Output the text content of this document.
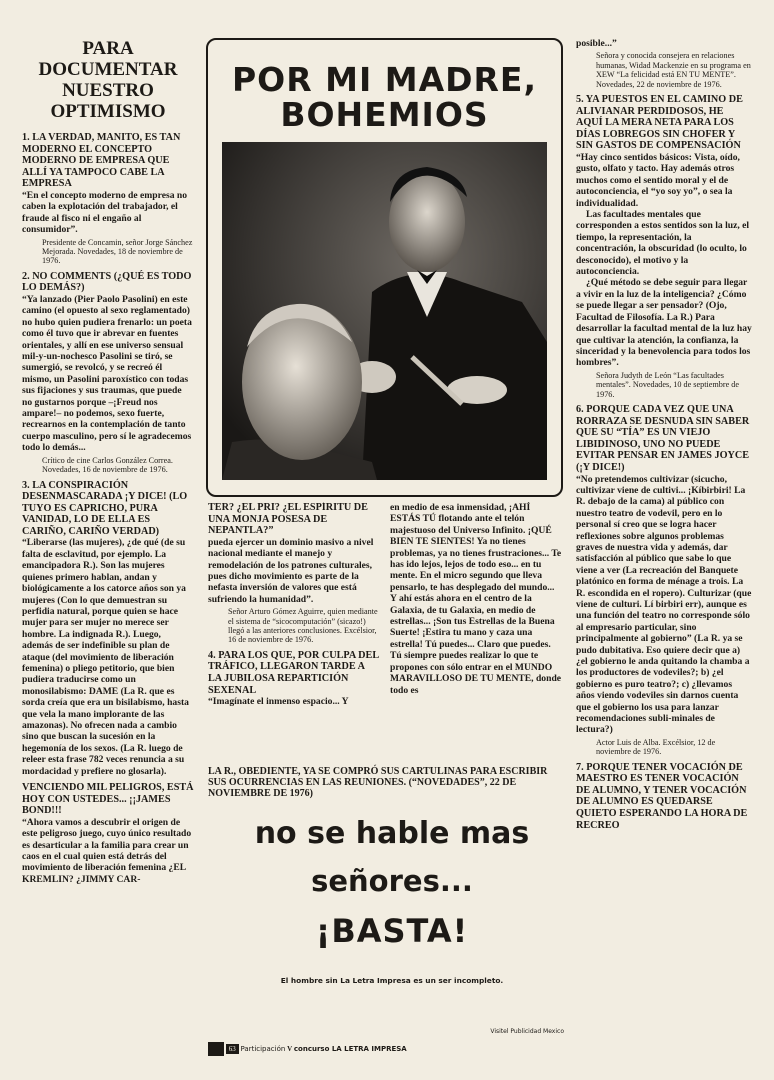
PARA DOCUMENTAR NUESTRO OPTIMISMO

1. LA VERDAD, MANITO, ES TAN MODERNO EL CONCEPTO MODERNO DE EMPRESA QUE ALLÍ YA TAMPOCO CABE LA EMPRESA

“En el concepto moderno de empresa no caben la explotación del trabajador, el fraude al fisco ni el engaño al consumidor”.

Presidente de Concamin, señor Jorge Sánchez Mejorada. Novedades, 18 de noviembre de 1976.

2. NO COMMENTS (¿QUÉ ES TODO LO DEMÁS?)

“Ya lanzado (Pier Paolo Pasolini) en este camino (el opuesto al sexo reglamentado) no hubo quien pudiera frenarlo: un poeta como él tuvo que ir abrevar en fuentes orientales, y allí en ese universo sensual mil-y-un-nochesco Pasolini se tiró, se sumergió, se revolcó, y se recreó él mismo, un Pasolini paroxístico con todas sus fijaciones y sus traumas, que puede no gustarnos porque –¡Freud nos ampare!– no podemos, sexo fuerte, recrearnos en la contemplación de tanto cuerpo masculino, pero sí le agradecemos todo lo demás...

Crítico de cine Carlos González Correa. Novedades, 16 de noviembre de 1976.

3. LA CONSPIRACIÓN DESENMASCARADA ¡Y DICE! (LO TUYO ES CAPRICHO, PURA VANIDAD, LO DE ELLA ES CARIÑO, CARIÑO VERDAD)

“Liberarse (las mujeres), ¿de qué (de su falta de esclavitud, por ejemplo. La emancipadora R.). Son las mujeres quienes primero hablan, andan y biológicamente a los catorce años son ya mujeres (Con lo que demuestran su perfidia natural, porque quien se hace mujer para ser mujer no merece ser hombre. La indignada R.). Luego, además de ser indefinible su plan de ataque (del movimiento de liberación femenina) o pliego petitorio, que bien pudiera traducirse como un monosilabismo: DAME (La R. que es sorda creía que era un bisilabismo, hasta que vela la mano implorante de las amazonas). No ofrecen nada a cambio sino que buscan la sucesión en la hegemonía de los sexos. (La R. luego de releer esta frase 782 veces renuncia a su mordacidad y prefiere no glosarla).

VENCIENDO MIL PELIGROS, ESTÁ HOY CON USTEDES... ¡¡JAMES BOND!!!

“Ahora vamos a descubrir el origen de este peligroso juego, cuyo único resultado es desarticular a la familia para crear un caos en el cual quien está detrás del movimiento de liberación femenina ¿EL KREMLIN? ¿JIMMY CAR-

POR MI MADRE,
BOHEMIOS

TER? ¿EL PRI? ¿EL ESPÍRITU DE UNA MONJA POSESA DE NEPANTLA?”

pueda ejercer un dominio masivo a nivel nacional mediante el manejo y remodelación de los patrones culturales, pues dicho movimiento es parte de la nefasta inversión de valores que está sufriendo la humanidad”.

Señor Arturo Gómez Aguirre, quien mediante el sistema de “sicocomputación” (sicazo!) llegó a las anteriores conclusiones. Excélsior, 16 de noviembre de 1976.

4. PARA LOS QUE, POR CULPA DEL TRÁFICO, LLEGARON TARDE A LA JUBILOSA REPARTICIÓN SEXENAL

“Imagínate el inmenso espacio... Y

en medio de esa inmensidad, ¡AHÍ ESTÁS TÚ flotando ante el telón majestuoso del Universo Infinito. ¡QUÉ BIEN TE SIENTES! Ya no tienes problemas, ya no tienes frustraciones... Te has ido lejos, lejos de todo eso... en tu mente. En el micro segundo que lleva pensarlo, te has desplegado del mundo... Y ahí estás ahora en el centro de la Galaxia, de tu Galaxia, en medio de estrellas... ¡Son tus Estrellas de la Buena Suerte! ¡Estira tu mano y caza una estrella! Tú puedes... Claro que puedes. Tú siempre puedes realizar lo que te propones con sólo entrar en el MUNDO MARAVILLOSO DE TU MENTE, donde todo es

LA R., OBEDIENTE, YA SE COMPRÓ SUS CARTULINAS PARA ESCRIBIR SUS OCURRENCIAS EN LAS REUNIONES. (“NOVEDADES”, 22 DE NOVIEMBRE DE 1976)
no se hable mas
señores...
¡BASTA!
El hombre sin La Letra Impresa es un ser incompleto.
63 Participación V concurso LA LETRA IMPRESA
Visitel Publicidad Mexico

posible...”

Señora y conocida consejera en relaciones humanas, Widad Mackenzie en su programa en XEW “La felicidad está EN TU MENTE”. Novedades, 22 de noviembre de 1976.

5. YA PUESTOS EN EL CAMINO DE ALIVIANAR PERDIDOSOS, HE AQUÍ LA MERA NETA PARA LOS DÍAS LOBREGOS SIN CHOFER Y SIN GASTOS DE COMPENSACIÓN

“Hay cinco sentidos básicos: Vista, oído, gusto, olfato y tacto. Hay además otros muchos como el sentido moral y el de autoconciencia, el “yo soy yo”, o sea la individualidad.

Las facultades mentales que corresponden a estos sentidos son la luz, el tiempo, la representación, la concentración, la obscuridad (lo oculto, lo desconocido), el motivo y la autoconciencia.

¿Qué método se debe seguir para llegar a vivir en la luz de la inteligencia? ¿Cómo se puede llegar a ser pensador? (Ojo, Facultad de Filosofía. La R.) Para desarrollar la facultad mental de la luz hay que cultivar la atención, la confianza, la sinceridad y la benevolencia para todos los hombres”.

Señora Judyth de León “Las facultades mentales”. Novedades, 10 de septiembre de 1976.

6. PORQUE CADA VEZ QUE UNA RORRAZA SE DESNUDA SIN SABER QUE SU “TÍA” ES UN VIEJO LIBIDINOSO, UNO NO PUEDE EVITAR PENSAR EN JAMES JOYCE (¡Y DICE!)

“No pretendemos cultivizar (sicucho, cultivizar viene de cultivi... ¡Kíbirbiri! La R. debajo de la cama) al público con nuestro teatro de vodevil, pero en lo personal sí creo que se logra hacer reflexiones sobre algunos problemas graves de nuestra vida y además, dar satisfacción al público que sabe lo que viene a ver (La recreación del Banquete platónico en forma de ménage a trois. La R. escondida en el ropero). Culturizar (que viene de culturi. Lí birbiri err), aunque es una función del teatro no corresponde sólo al empresario particular, sino principalmente al gobierno” (La R. ya se pudo dubitativa. Eso quiere decir que a) ¿el gobierno le anda quitando la chamba a los productores de vodeviles?; b) ¿el gobierno es puro teatro?; c) ¿llevamos años viendo vodeviles sin darnos cuenta que el gobierno los usa para lanzar recomendaciones subli-minales de lectura?)

Actor Luis de Alba. Excélsior, 12 de noviembre de 1976.

7. PORQUE TENER VOCACIÓN DE MAESTRO ES TENER VOCACIÓN DE ALUMNO, Y TENER VOCACIÓN DE ALUMNO ES QUEDARSE QUIETO ESPERANDO LA HORA DE RECREO
